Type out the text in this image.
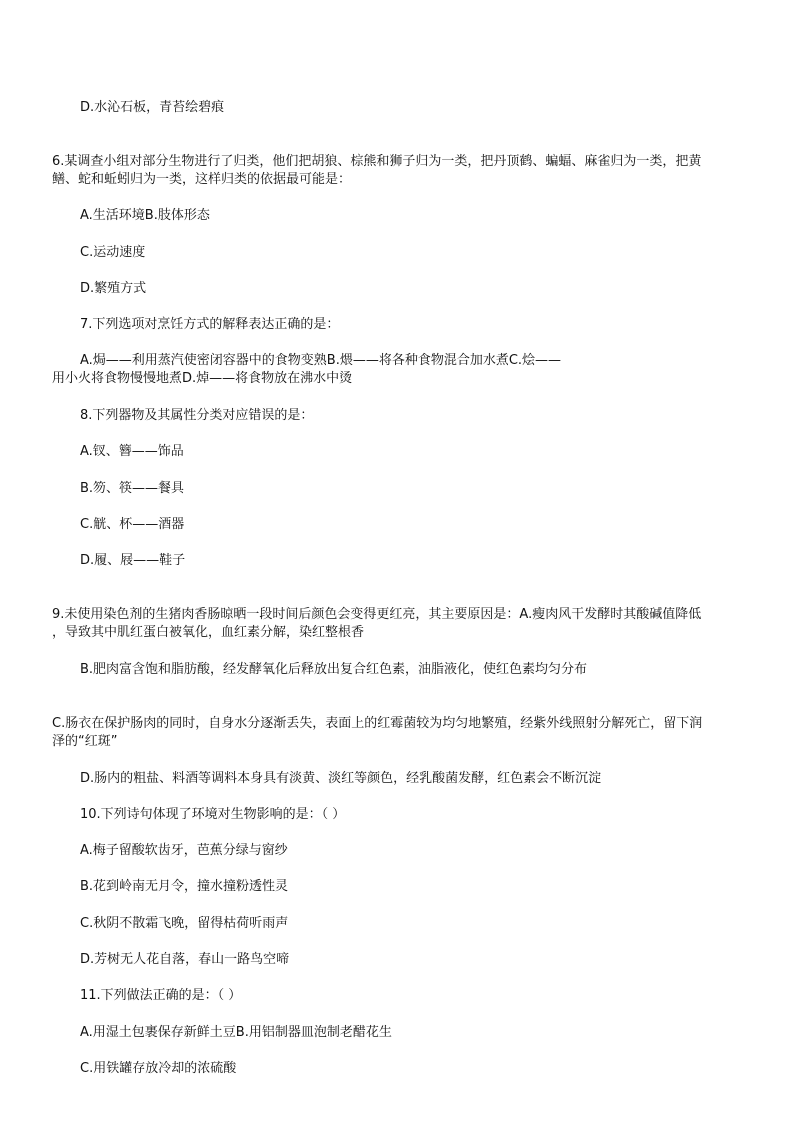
D.水沁石板，青苔绘碧痕

6.某调查小组对部分生物进行了归类，他们把胡狼、棕熊和狮子归为一类，把丹顶鹤、蝙蝠、麻雀归为一类，把黄

鳝、蛇和蚯蚓归为一类，这样归类的依据最可能是：

A.生活环境B.肢体形态

C.运动速度

D.繁殖方式

7.下列选项对烹饪方式的解释表达正确的是：

A.焗——利用蒸汽使密闭容器中的食物变熟B.煨——将各种食物混合加水煮C.烩——

用小火将食物慢慢地煮D.焯——将食物放在沸水中烫

8.下列器物及其属性分类对应错误的是：

A.钗、簪——饰品

B.笏、筷——餐具

C.觥、杯——酒器

D.履、屐——鞋子

9.未使用染色剂的生猪肉香肠晾晒一段时间后颜色会变得更红亮，其主要原因是：A.瘦肉风干发酵时其酸碱值降低

，导致其中肌红蛋白被氧化，血红素分解，染红整根香

B.肥肉富含饱和脂肪酸，经发酵氧化后释放出复合红色素，油脂液化，使红色素均匀分布

C.肠衣在保护肠肉的同时，自身水分逐渐丢失，表面上的红霉菌较为均匀地繁殖，经紫外线照射分解死亡，留下润

泽的“红斑”

D.肠内的粗盐、料酒等调料本身具有淡黄、淡红等颜色，经乳酸菌发酵，红色素会不断沉淀

10.下列诗句体现了环境对生物影响的是：（ ）

A.梅子留酸软齿牙，芭蕉分绿与窗纱

B.花到岭南无月令，撞水撞粉透性灵

C.秋阴不散霜飞晚，留得枯荷听雨声

D.芳树无人花自落，春山一路鸟空啼

11.下列做法正确的是：（ ）

A.用湿土包裹保存新鲜土豆B.用铝制器皿泡制老醋花生

C.用铁罐存放冷却的浓硫酸
